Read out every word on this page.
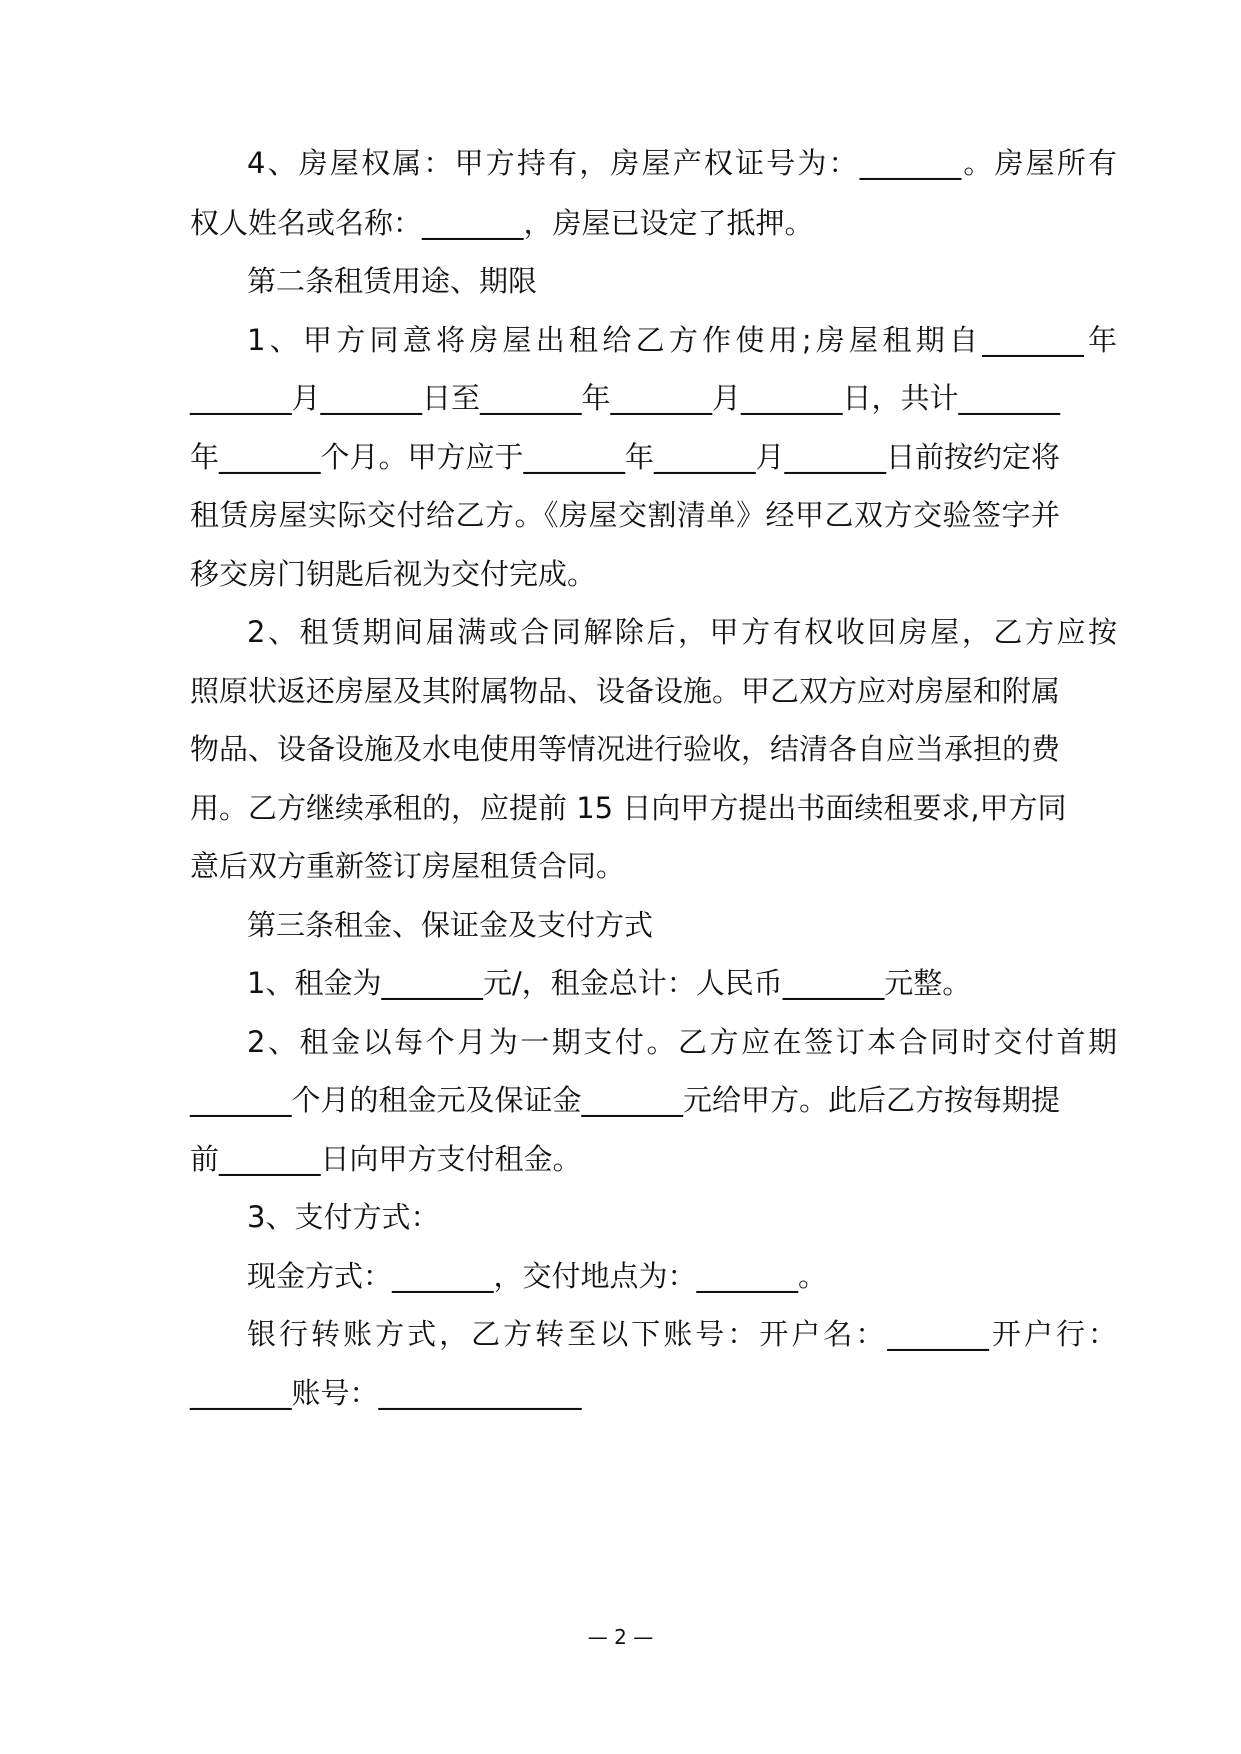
4、房屋权属：甲方持有，房屋产权证号为：_______。房屋所有
权人姓名或名称：_______，房屋已设定了抵押。
第二条租赁用途、期限
1、甲方同意将房屋出租给乙方作使用;房屋租期自_______年
_______月_______日至_______年_______月_______日，共计_______
年_______个月。甲方应于_______年_______月_______日前按约定将
租赁房屋实际交付给乙方。《房屋交割清单》经甲乙双方交验签字并
移交房门钥匙后视为交付完成。
2、租赁期间届满或合同解除后，甲方有权收回房屋，乙方应按
照原状返还房屋及其附属物品、设备设施。甲乙双方应对房屋和附属
物品、设备设施及水电使用等情况进行验收，结清各自应当承担的费
用。乙方继续承租的，应提前 15 日向甲方提出书面续租要求,甲方同
意后双方重新签订房屋租赁合同。
第三条租金、保证金及支付方式
1、租金为_______元/，租金总计：人民币_______元整。
2、租金以每个月为一期支付。乙方应在签订本合同时交付首期
_______个月的租金元及保证金_______元给甲方。此后乙方按每期提
前_______日向甲方支付租金。
3、支付方式：
现金方式：_______，交付地点为：_______。
银行转账方式，乙方转至以下账号：开户名：_______开户行：
_______账号：______________
— 2 —
